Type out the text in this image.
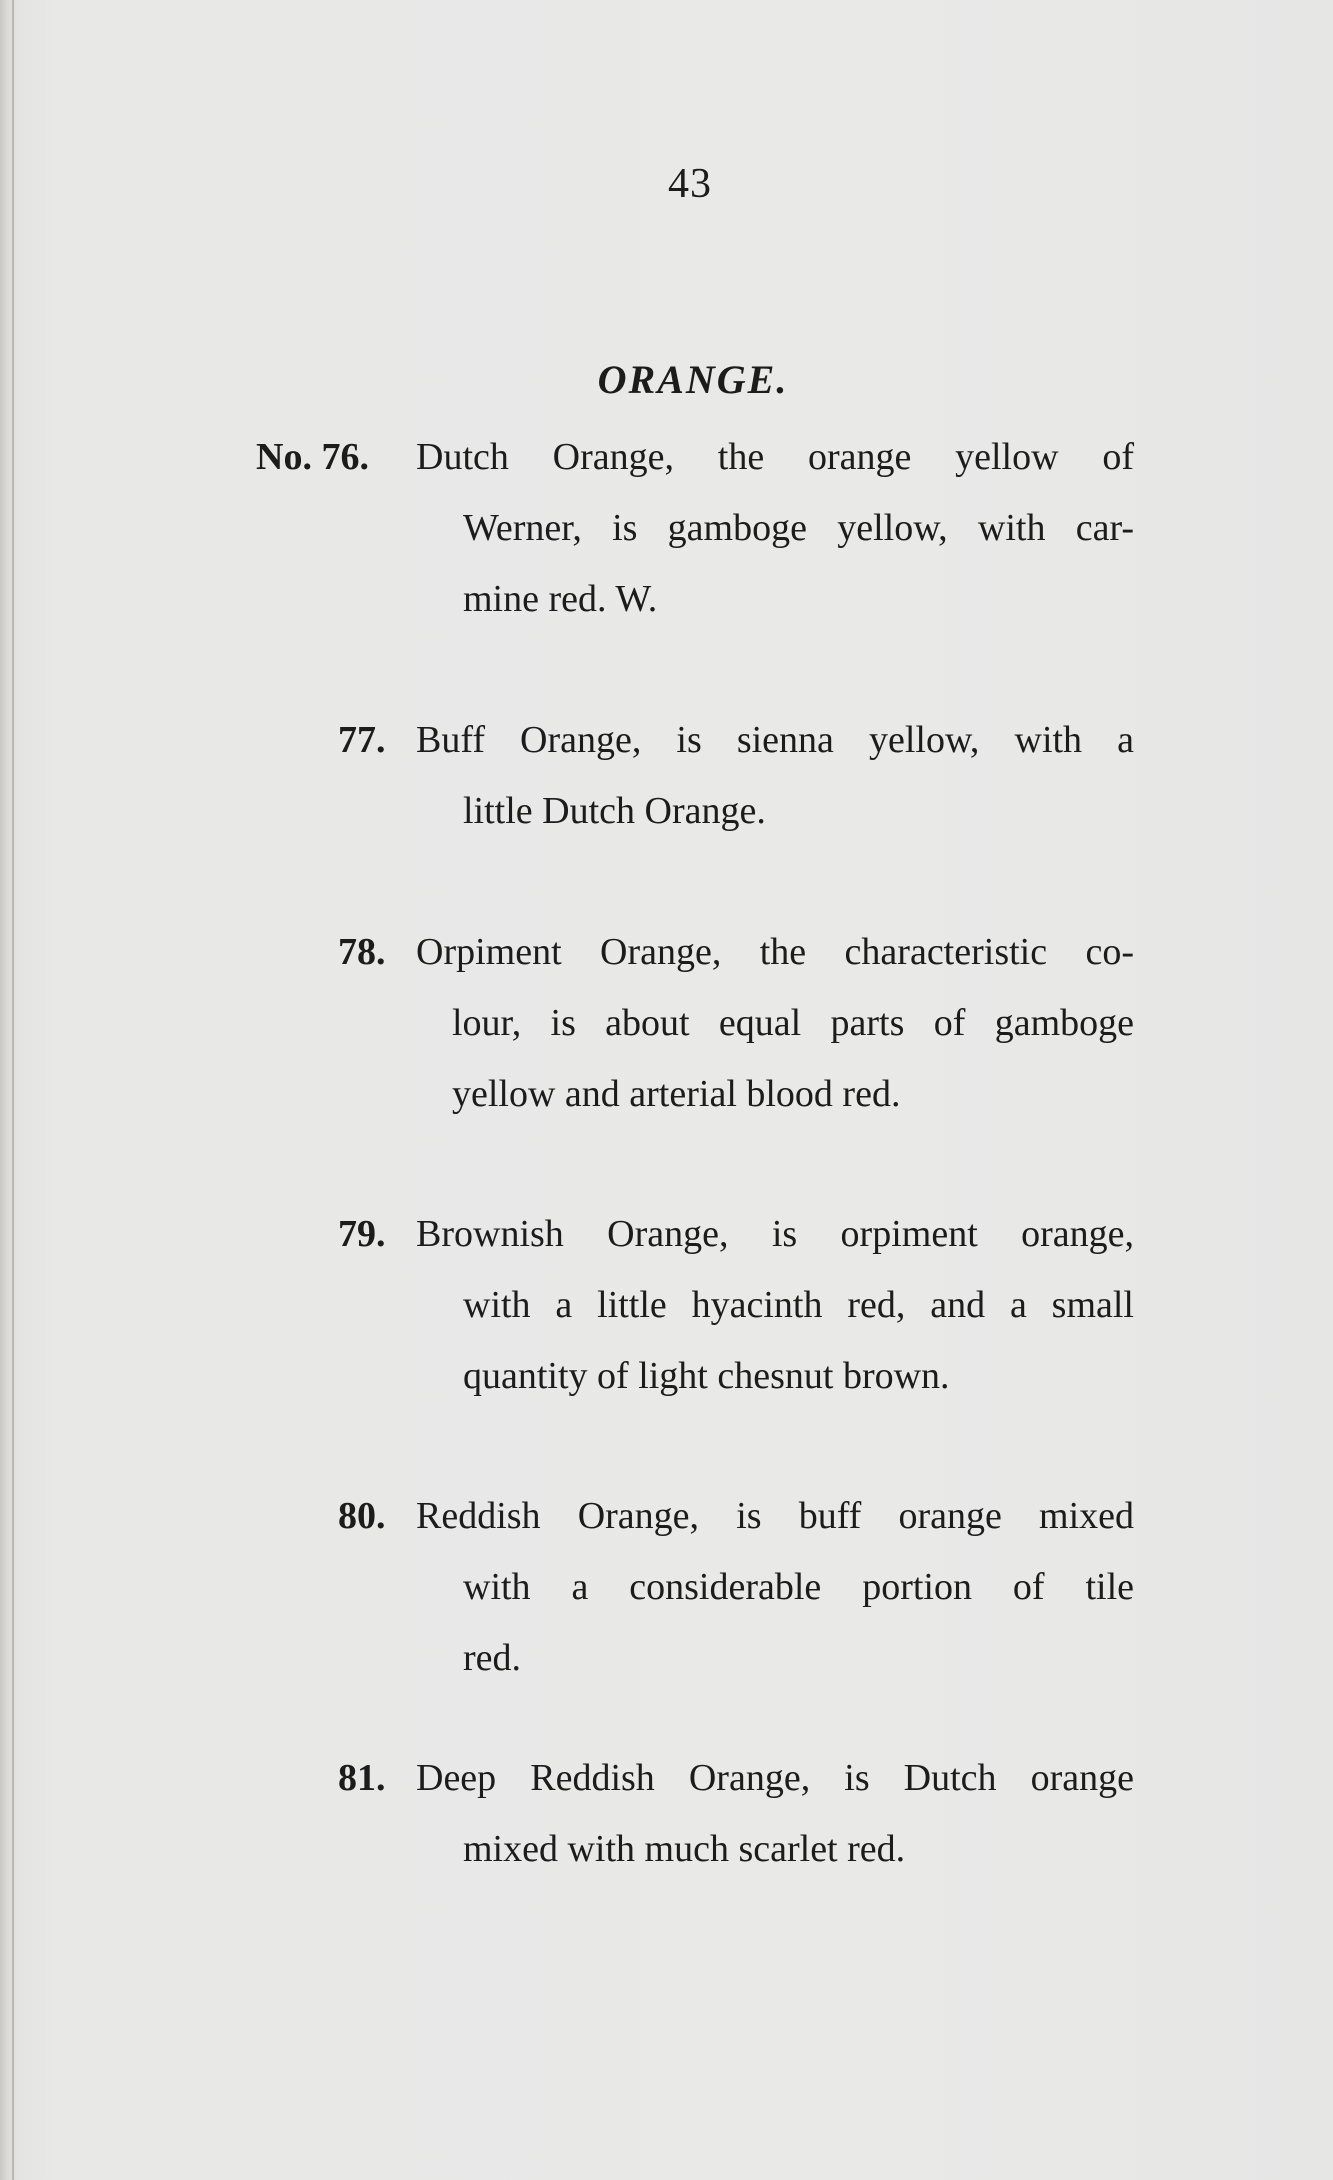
43
ORANGE.
No. 76. Dutch Orange, the orange yellow of
Werner, is gamboge yellow, with car-
mine red. W.
77. Buff Orange, is sienna yellow, with a
little Dutch Orange.
78. Orpiment Orange, the characteristic co-
lour, is about equal parts of gamboge
yellow and arterial blood red.
79. Brownish Orange, is orpiment orange,
with a little hyacinth red, and a small
quantity of light chesnut brown.
80. Reddish Orange, is buff orange mixed
with a considerable portion of tile
red.
81. Deep Reddish Orange, is Dutch orange
mixed with much scarlet red.
